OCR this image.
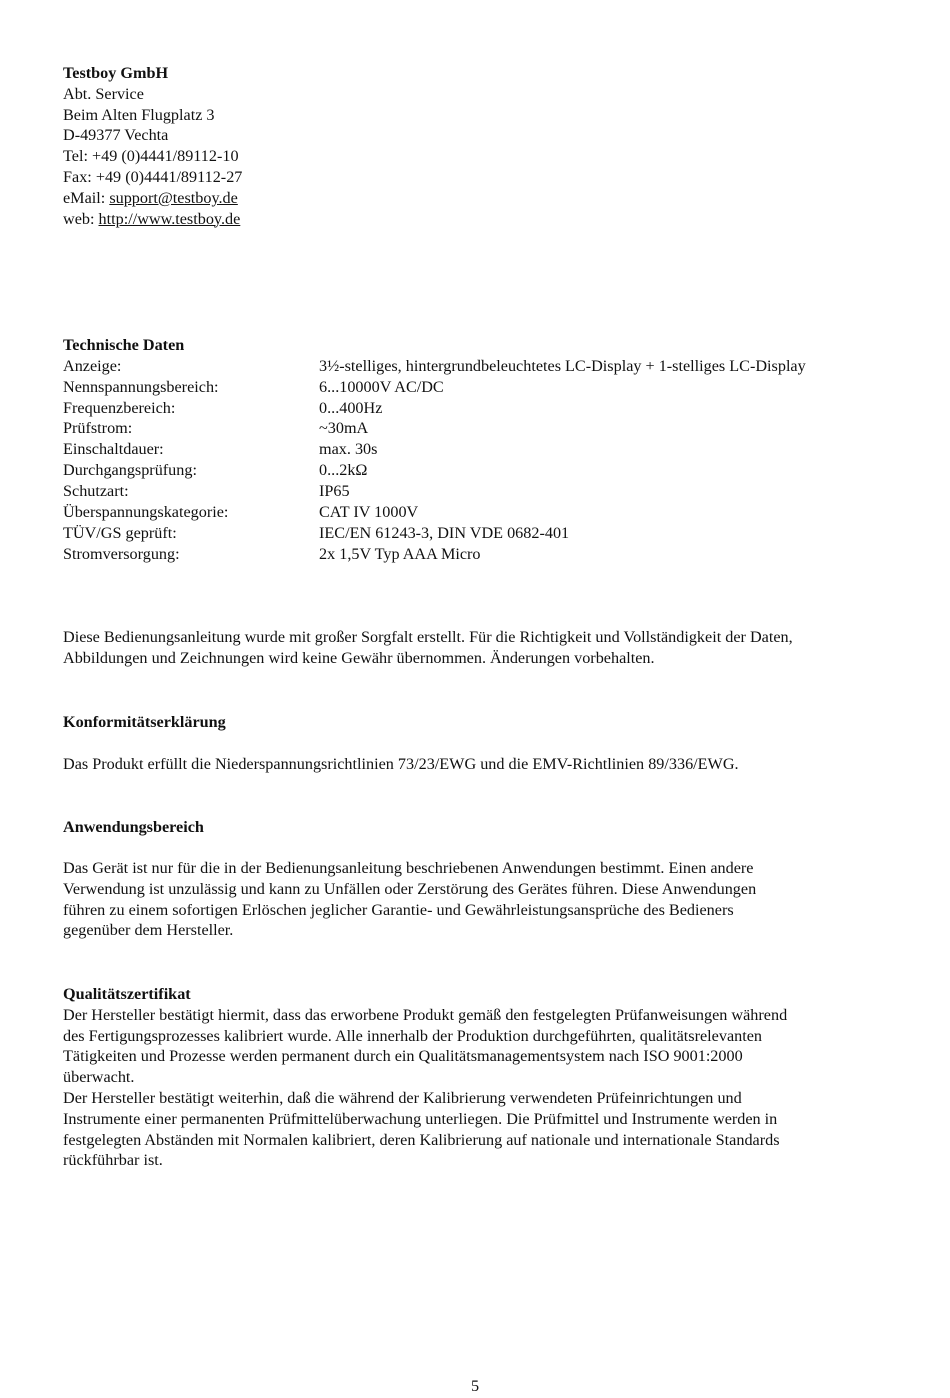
Testboy GmbH
Abt. Service
Beim Alten Flugplatz 3
D-49377 Vechta
Tel: +49 (0)4441/89112-10
Fax: +49 (0)4441/89112-27
eMail: support@testboy.de
web: http://www.testboy.de
Technische Daten
Anzeige:	3½-stelliges, hintergrundbeleuchtetes LC-Display + 1-stelliges LC-Display
Nennspannungsbereich:	6...10000V AC/DC
Frequenzbereich:	0...400Hz
Prüfstrom:	~30mA
Einschaltdauer:	max. 30s
Durchgangsprüfung:	0...2kΩ
Schutzart:	IP65
Überspannungskategorie:	CAT IV 1000V
TÜV/GS geprüft:	IEC/EN 61243-3, DIN VDE 0682-401
Stromversorgung:	2x 1,5V Typ AAA Micro
Diese Bedienungsanleitung wurde mit großer Sorgfalt erstellt. Für die Richtigkeit und Vollständigkeit der Daten,
Abbildungen und Zeichnungen wird keine Gewähr übernommen. Änderungen vorbehalten.
Konformitätserklärung
Das Produkt erfüllt die Niederspannungsrichtlinien 73/23/EWG und die EMV-Richtlinien 89/336/EWG.
Anwendungsbereich
Das Gerät ist nur für die in der Bedienungsanleitung beschriebenen Anwendungen bestimmt. Einen andere
Verwendung ist unzulässig und kann zu Unfällen oder Zerstörung des Gerätes führen. Diese Anwendungen
führen zu einem sofortigen Erlöschen jeglicher Garantie- und Gewährleistungsansprüche des Bedieners
gegenüber dem Hersteller.
Qualitätszertifikat
Der Hersteller bestätigt hiermit, dass das erworbene Produkt gemäß den festgelegten Prüfanweisungen während
des Fertigungsprozesses kalibriert wurde. Alle innerhalb der Produktion durchgeführten, qualitätsrelevanten
Tätigkeiten und Prozesse werden permanent durch ein Qualitätsmanagementsystem nach ISO 9001:2000
überwacht.
Der Hersteller bestätigt weiterhin, daß die während der Kalibrierung verwendeten Prüfeinrichtungen und
Instrumente einer permanenten Prüfmittelüberwachung unterliegen. Die Prüfmittel und Instrumente werden in
festgelegten Abständen mit Normalen kalibriert, deren Kalibrierung auf nationale und internationale Standards
rückführbar ist.
5
